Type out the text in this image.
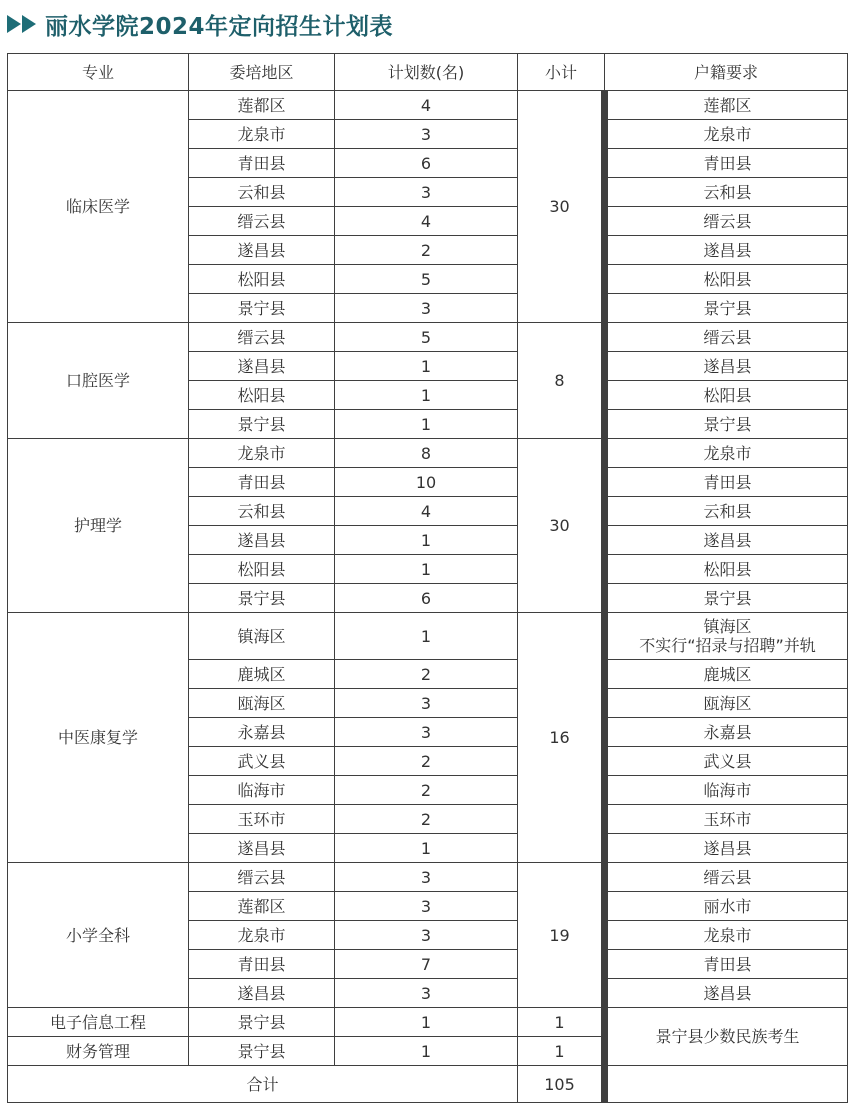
丽水学院2024年定向招生计划表
专业	委培地区	计划数(名)	小计	户籍要求
临床医学	莲都区	4	30	莲都区

	龙泉市	3		龙泉市

	青田县	6		青田县

	云和县	3		云和县

	缙云县	4		缙云县

	遂昌县	2		遂昌县

	松阳县	5		松阳县

	景宁县	3		景宁县

口腔医学	缙云县	5	8	缙云县

	遂昌县	1		遂昌县

	松阳县	1		松阳县

	景宁县	1		景宁县

护理学	龙泉市	8	30	龙泉市

	青田县	10		青田县

	云和县	4		云和县

	遂昌县	1		遂昌县

	松阳县	1		松阳县

	景宁县	6		景宁县

中医康复学	镇海区	1	16	镇海区
不实行“招录与招聘”并轨

	鹿城区	2		鹿城区

	瓯海区	3		瓯海区

	永嘉县	3		永嘉县

	武义县	2		武义县

	临海市	2		临海市

	玉环市	2		玉环市

	遂昌县	1		遂昌县

小学全科	缙云县	3	19	缙云县

	莲都区	3		丽水市

	龙泉市	3		龙泉市

	青田县	7		青田县

	遂昌县	3		遂昌县

电子信息工程	景宁县	1	1	景宁县少数民族考生
财务管理	景宁县	1	1	
合计			105	
